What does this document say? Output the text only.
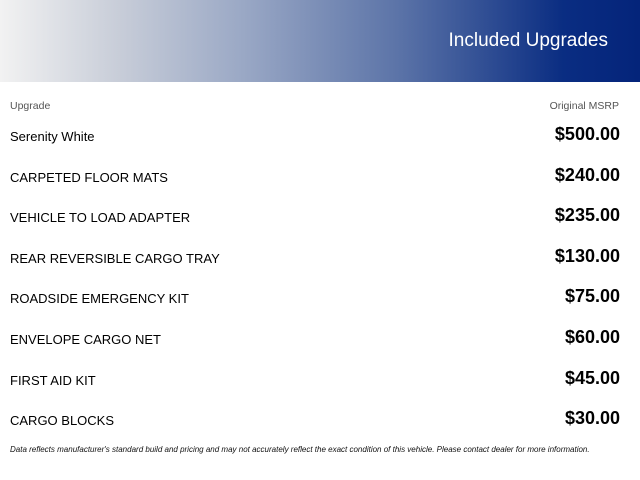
Included Upgrades
Upgrade	Original MSRP
Serenity White	$500.00
CARPETED FLOOR MATS	$240.00
VEHICLE TO LOAD ADAPTER	$235.00
REAR REVERSIBLE CARGO TRAY	$130.00
ROADSIDE EMERGENCY KIT	$75.00
ENVELOPE CARGO NET	$60.00
FIRST AID KIT	$45.00
CARGO BLOCKS	$30.00
Data reflects manufacturer's standard build and pricing and may not accurately reflect the exact condition of this vehicle. Please contact dealer for more information.
